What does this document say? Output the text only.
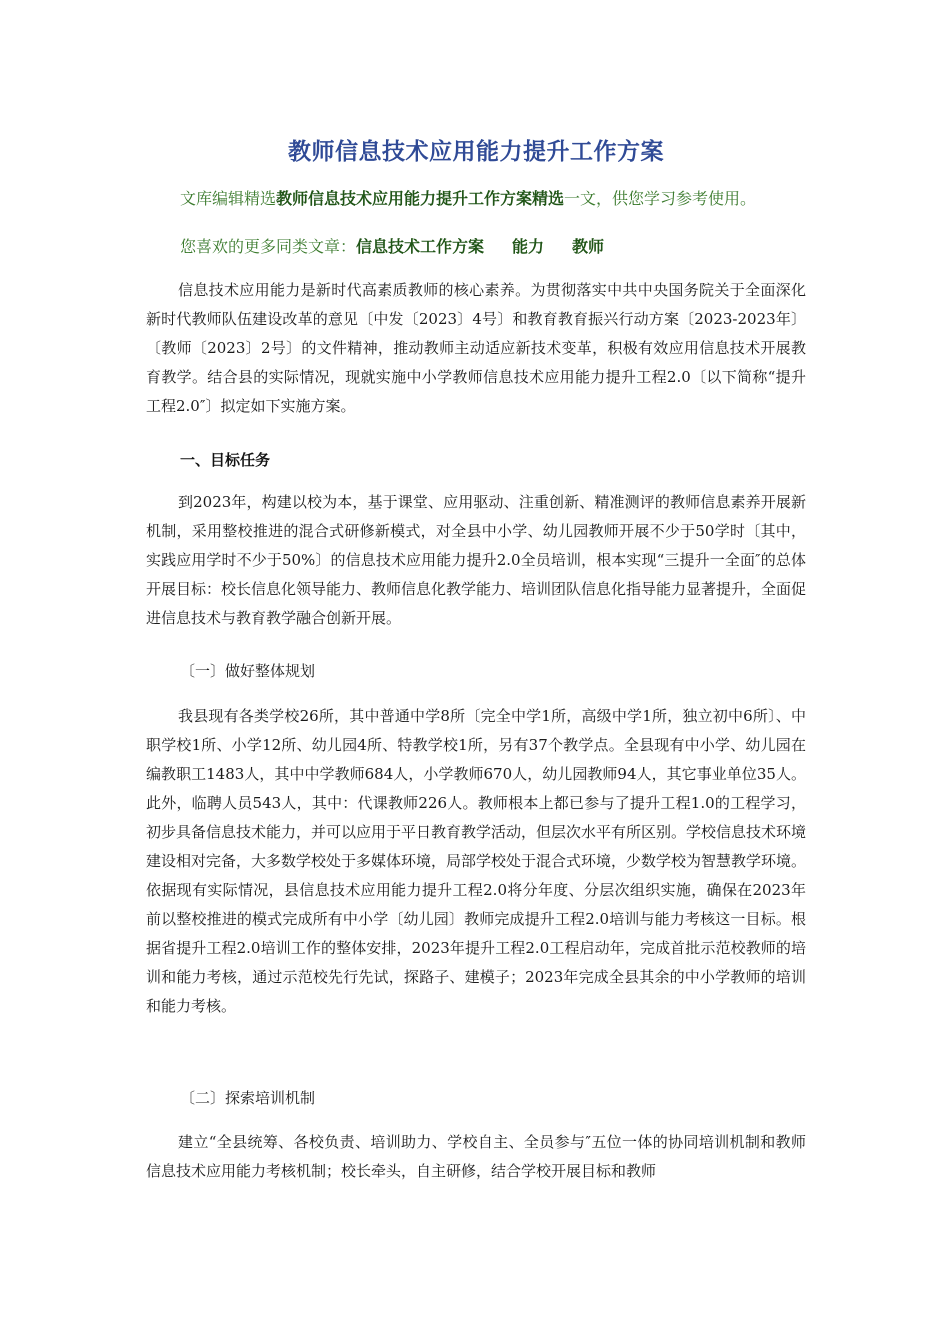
教师信息技术应用能力提升工作方案
文库编辑精选教师信息技术应用能力提升工作方案精选一文，供您学习参考使用。
您喜欢的更多同类文章：信息技术工作方案 能力 教师
信息技术应用能力是新时代高素质教师的核心素养。为贯彻落实中共中央国务院关于全面深化新时代教师队伍建设改革的意见〔中发〔2023〕4号〕和教育教育振兴行动方案〔2023-2023年〕〔教师〔2023〕2号〕的文件精神，推动教师主动适应新技术变革，积极有效应用信息技术开展教育教学。结合县的实际情况，现就实施中小学教师信息技术应用能力提升工程2.0〔以下简称“提升工程2.0″〕拟定如下实施方案。
一、目标任务
到2023年，构建以校为本，基于课堂、应用驱动、注重创新、精准测评的教师信息素养开展新机制，采用整校推进的混合式研修新模式，对全县中小学、幼儿园教师开展不少于50学时〔其中，实践应用学时不少于50%〕的信息技术应用能力提升2.0全员培训，根本实现“三提升一全面″的总体开展目标：校长信息化领导能力、教师信息化教学能力、培训团队信息化指导能力显著提升，全面促进信息技术与教育教学融合创新开展。
〔一〕做好整体规划
我县现有各类学校26所，其中普通中学8所〔完全中学1所，高级中学1所，独立初中6所〕、中职学校1所、小学12所、幼儿园4所、特教学校1所，另有37个教学点。全县现有中小学、幼儿园在编教职工1483人，其中中学教师684人，小学教师670人，幼儿园教师94人，其它事业单位35人。此外，临聘人员543人，其中：代课教师226人。教师根本上都已参与了提升工程1.0的工程学习，初步具备信息技术能力，并可以应用于平日教育教学活动，但层次水平有所区别。学校信息技术环境建设相对完备，大多数学校处于多媒体环境，局部学校处于混合式环境，少数学校为智慧教学环境。依据现有实际情况，县信息技术应用能力提升工程2.0将分年度、分层次组织实施，确保在2023年前以整校推进的模式完成所有中小学〔幼儿园〕教师完成提升工程2.0培训与能力考核这一目标。根据省提升工程2.0培训工作的整体安排，2023年提升工程2.0工程启动年，完成首批示范校教师的培训和能力考核，通过示范校先行先试，探路子、建模子；2023年完成全县其余的中小学教师的培训和能力考核。
〔二〕探索培训机制
建立“全县统筹、各校负责、培训助力、学校自主、全员参与″五位一体的协同培训机制和教师信息技术应用能力考核机制；校长牵头，自主研修，结合学校开展目标和教师
